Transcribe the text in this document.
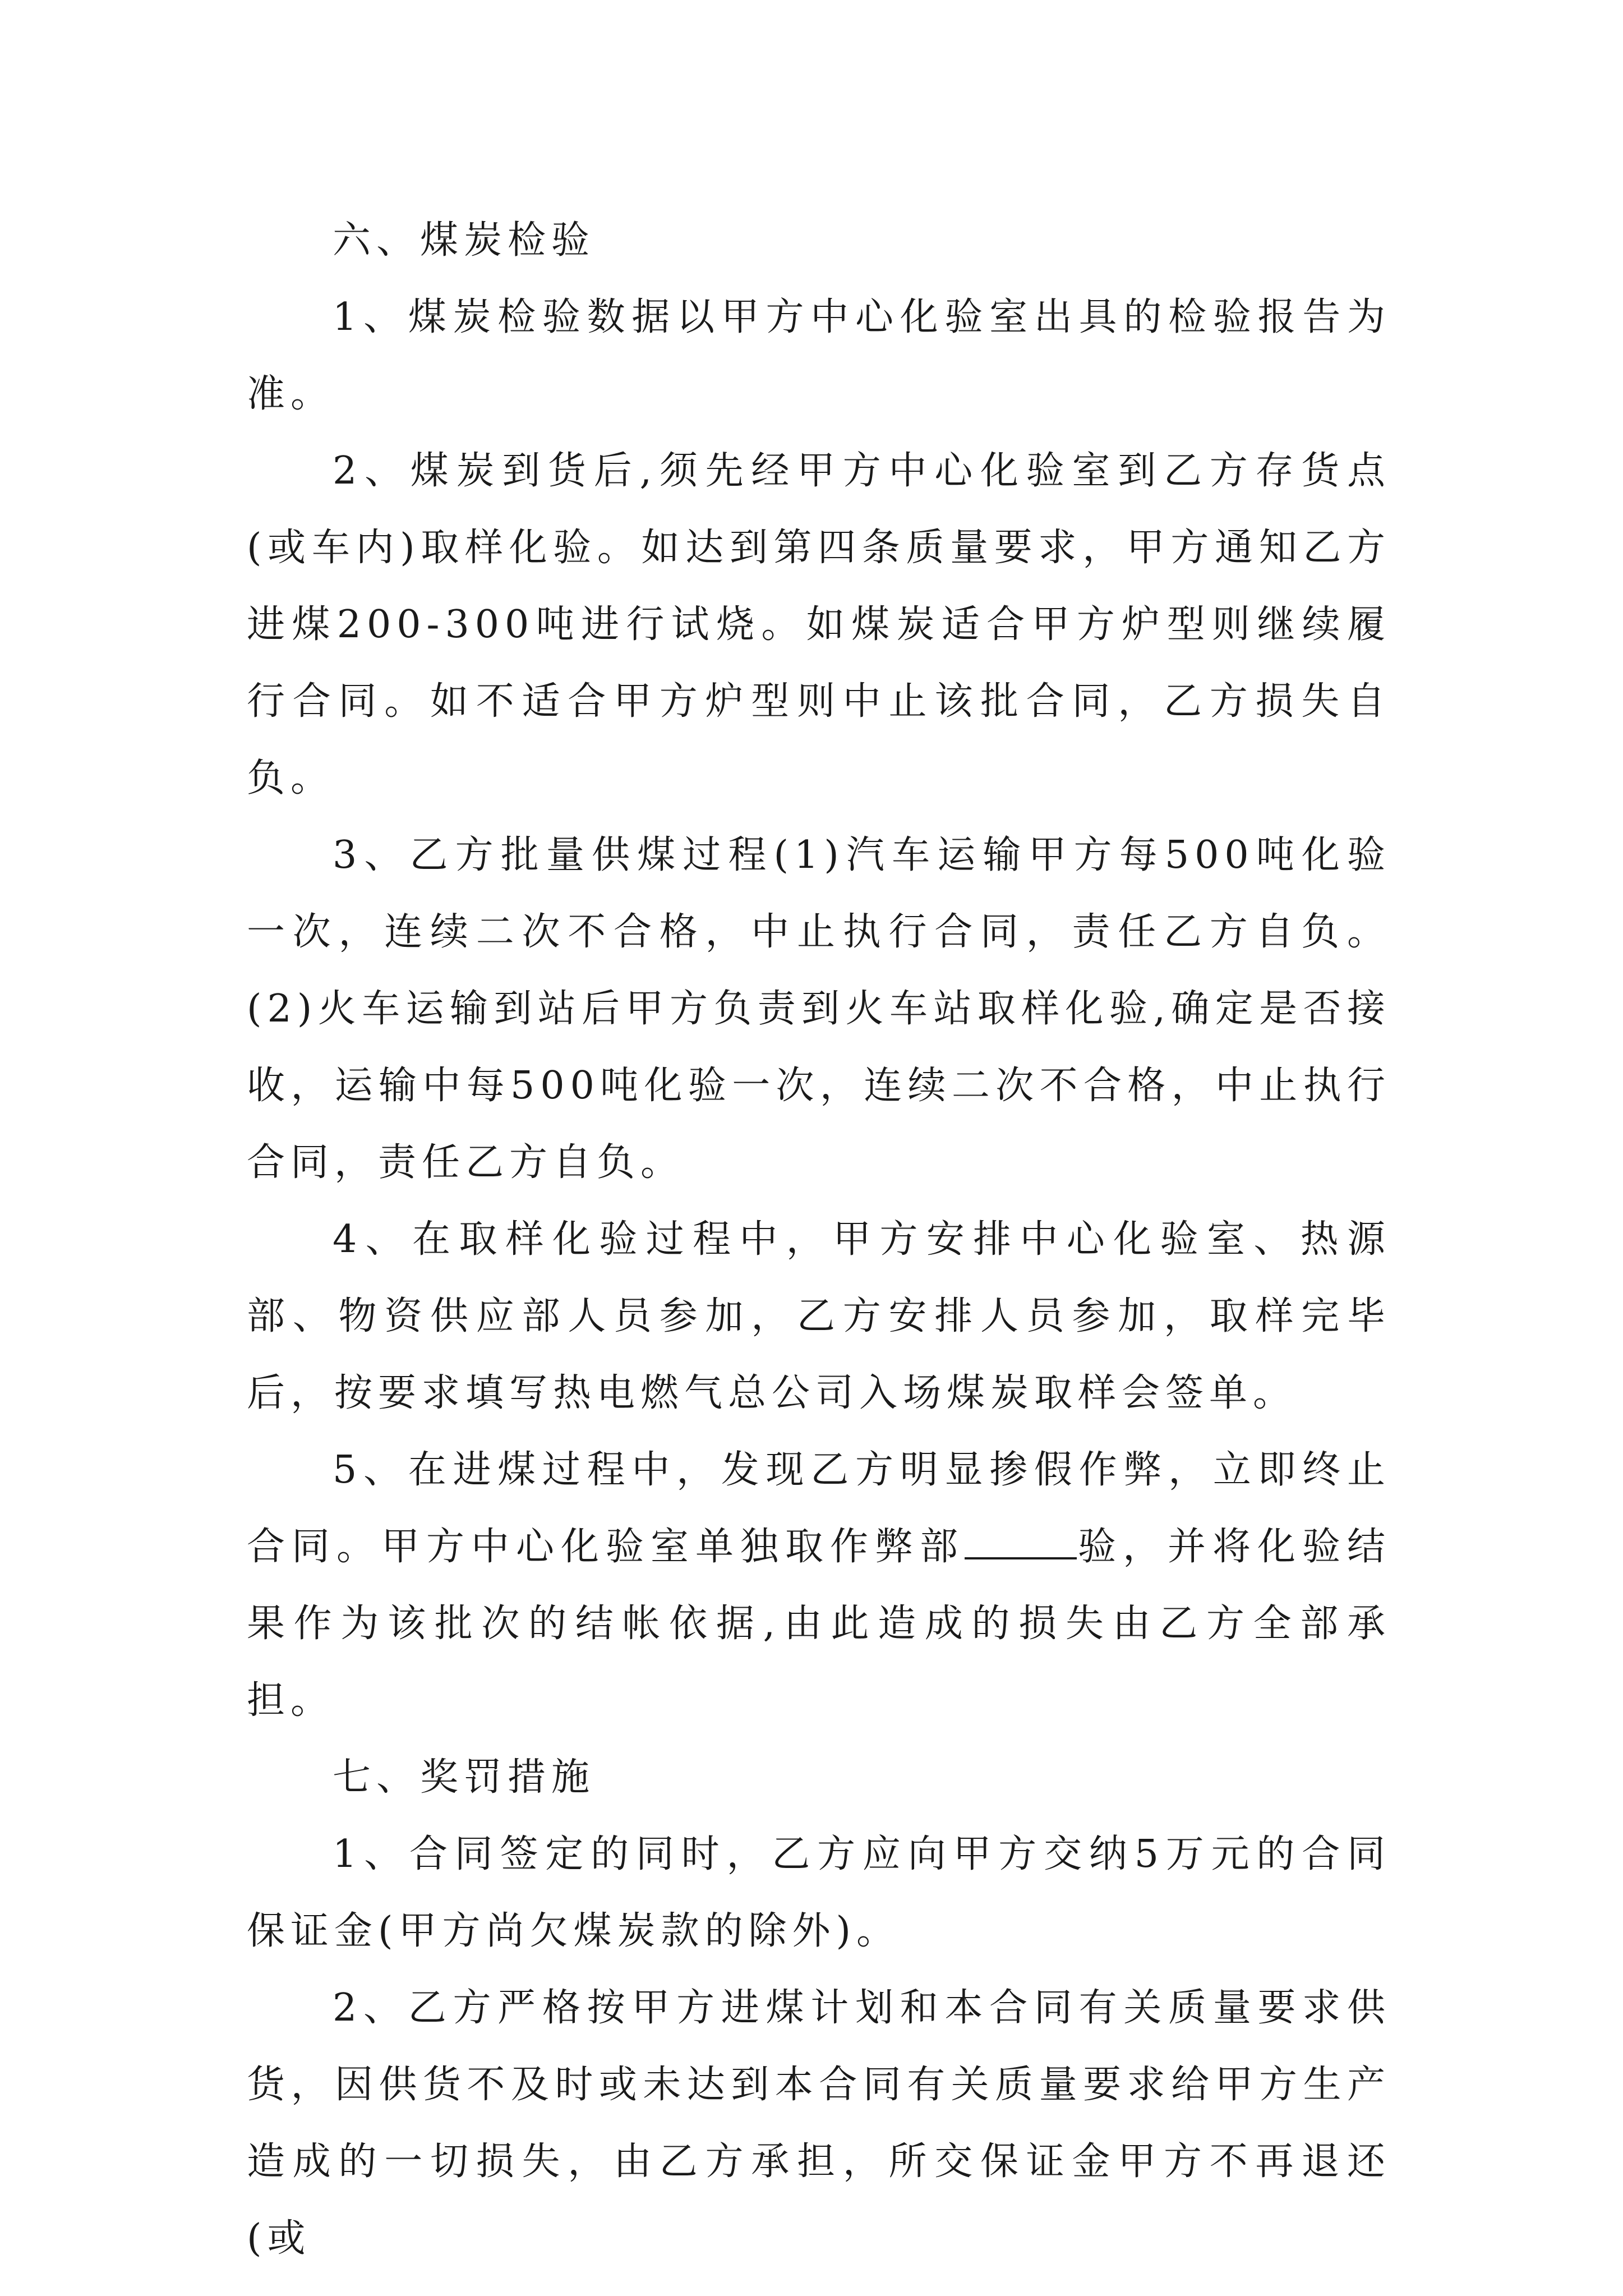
六、煤炭检验

1、煤炭检验数据以甲方中心化验室出具的检验报告为准。

2、煤炭到货后,须先经甲方中心化验室到乙方存货点(或车内)取样化验。如达到第四条质量要求，甲方通知乙方进煤200-300吨进行试烧。如煤炭适合甲方炉型则继续履行合同。如不适合甲方炉型则中止该批合同，乙方损失自负。

3、乙方批量供煤过程(1)汽车运输甲方每500吨化验一次，连续二次不合格，中止执行合同，责任乙方自负。(2)火车运输到站后甲方负责到火车站取样化验,确定是否接收，运输中每500吨化验一次，连续二次不合格，中止执行合同，责任乙方自负。

4、在取样化验过程中，甲方安排中心化验室、热源部、物资供应部人员参加，乙方安排人员参加，取样完毕后，按要求填写热电燃气总公司入场煤炭取样会签单。

5、在进煤过程中，发现乙方明显掺假作弊，立即终止合同。甲方中心化验室单独取作弊部	验，并将化验结果作为该批次的结帐依据,由此造成的损失由乙方全部承担。

七、奖罚措施

1、合同签定的同时，乙方应向甲方交纳5万元的合同保证金(甲方尚欠煤炭款的除外)。

2、乙方严格按甲方进煤计划和本合同有关质量要求供货，因供货不及时或未达到本合同有关质量要求给甲方生产造成的一切损失，由乙方承担，所交保证金甲方不再退还(或
